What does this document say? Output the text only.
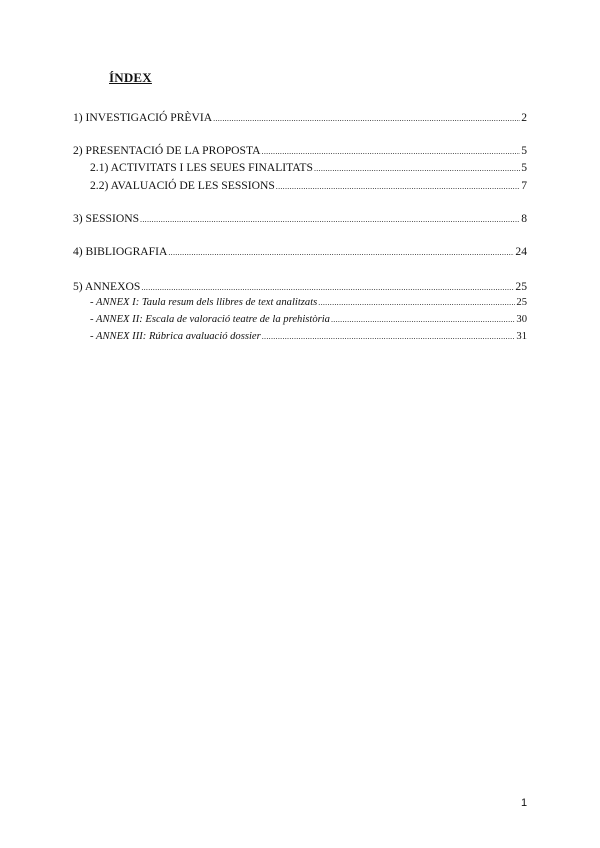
ÍNDEX
1) INVESTIGACIÓ PRÈVIA .....	2
2) PRESENTACIÓ DE LA PROPOSTA .....	5
2.1) ACTIVITATS I LES SEUES FINALITATS .....	5
2.2) AVALUACIÓ DE LES SESSIONS .....	7
3) SESSIONS .....	8
4) BIBLIOGRAFIA .....	24
5) ANNEXOS .....	25
- ANNEX I: Taula resum dels llibres de text analitzats .....	25
- ANNEX II: Escala de valoració teatre de la prehistòria .....	30
- ANNEX III: Rúbrica avaluació dossier .....	31
1
